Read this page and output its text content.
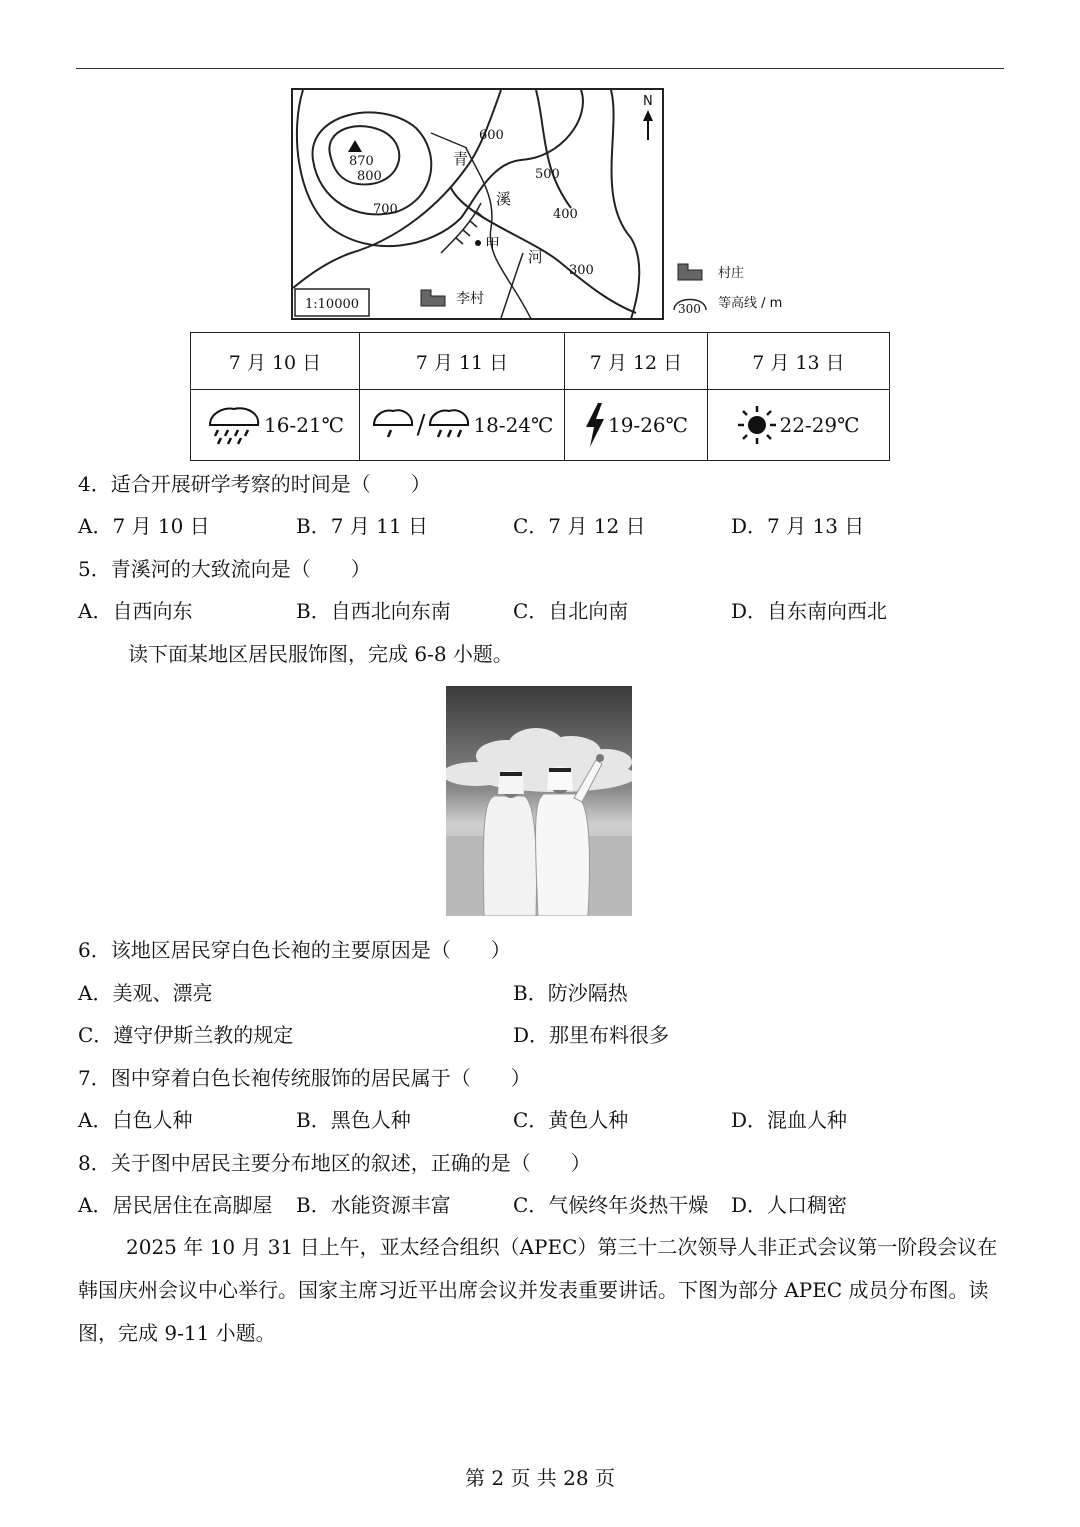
870
800
700
600
500
400
300
青
溪
河
甲
N
李村
1:10000
村庄
300 等高线 / m
7 月 10 日	7 月 11 日	7 月 12 日	7 月 13 日

16-21℃	/ 18-24℃	19-26℃	22-29℃
4．适合开展研学考察的时间是（　　）
A．7 月 10 日	B．7 月 11 日	C．7 月 12 日	D．7 月 13 日
5．青溪河的大致流向是（　　）
A．自西向东	B．自西北向东南	C．自北向南	D．自东南向西北
读下面某地区居民服饰图，完成 6-8 小题。
6．该地区居民穿白色长袍的主要原因是（　　）
A．美观、漂亮	B．防沙隔热
C．遵守伊斯兰教的规定	D．那里布料很多
7．图中穿着白色长袍传统服饰的居民属于（　　）
A．白色人种	B．黑色人种	C．黄色人种	D．混血人种
8．关于图中居民主要分布地区的叙述，正确的是（　　）
A．居民居住在高脚屋 B．水能资源丰富	C．气候终年炎热干燥 D．人口稠密
2025 年 10 月 31 日上午，亚太经合组织（APEC）第三十二次领导人非正式会议第一阶段会议在韩国庆州会议中心举行。国家主席习近平出席会议并发表重要讲话。下图为部分 APEC 成员分布图。读图，完成 9-11 小题。
第 2 页 共 28 页
